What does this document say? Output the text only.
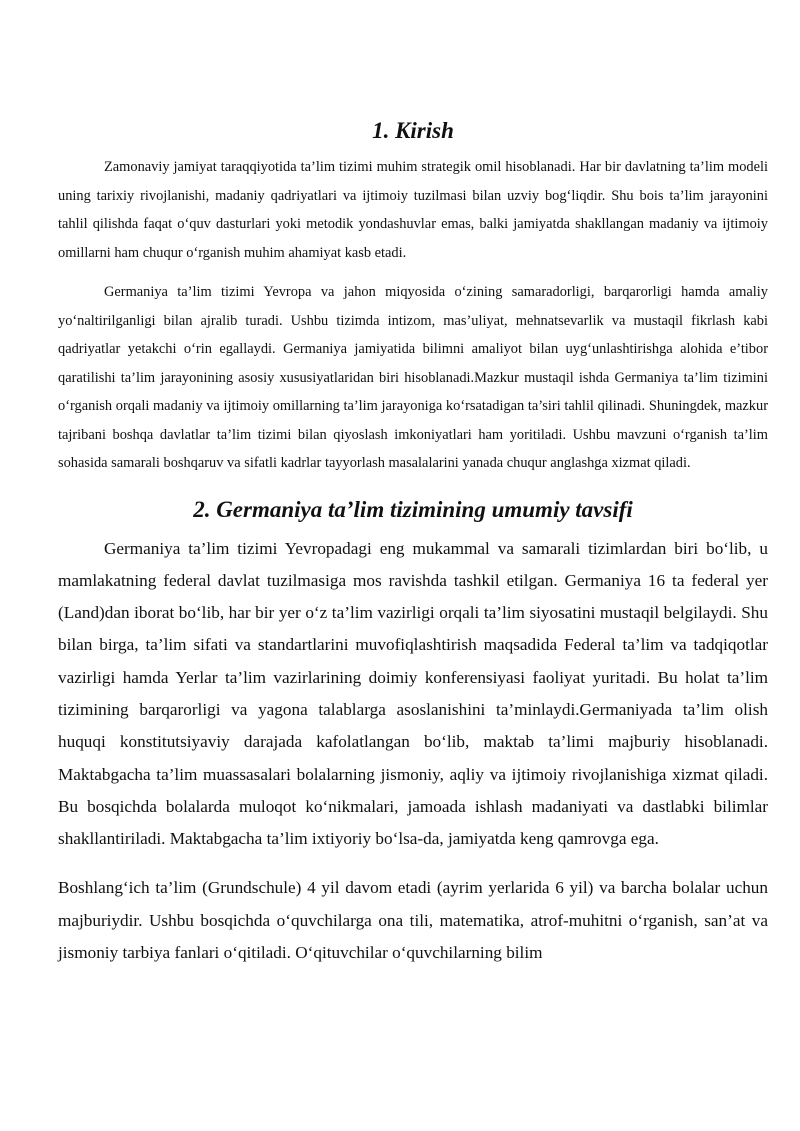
1. Kirish

Zamonaviy jamiyat taraqqiyotida ta’lim tizimi muhim strategik omil hisoblanadi. Har bir davlatning ta’lim modeli uning tarixiy rivojlanishi, madaniy qadriyatlari va ijtimoiy tuzilmasi bilan uzviy bog‘liqdir. Shu bois ta’lim jarayonini tahlil qilishda faqat o‘quv dasturlari yoki metodik yondashuvlar emas, balki jamiyatda shakllangan madaniy va ijtimoiy omillarni ham chuqur o‘rganish muhim ahamiyat kasb etadi.

Germaniya ta’lim tizimi Yevropa va jahon miqyosida o‘zining samaradorligi, barqarorligi hamda amaliy yo‘naltirilganligi bilan ajralib turadi. Ushbu tizimda intizom, mas’uliyat, mehnatsevarlik va mustaqil fikrlash kabi qadriyatlar yetakchi o‘rin egallaydi. Germaniya jamiyatida bilimni amaliyot bilan uyg‘unlashtirishga alohida e’tibor qaratilishi ta’lim jarayonining asosiy xususiyatlaridan biri hisoblanadi.Mazkur mustaqil ishda Germaniya ta’lim tizimini o‘rganish orqali madaniy va ijtimoiy omillarning ta’lim jarayoniga ko‘rsatadigan ta’siri tahlil qilinadi. Shuningdek, mazkur tajribani boshqa davlatlar ta’lim tizimi bilan qiyoslash imkoniyatlari ham yoritiladi. Ushbu mavzuni o‘rganish ta’lim sohasida samarali boshqaruv va sifatli kadrlar tayyorlash masalalarini yanada chuqur anglashga xizmat qiladi.

2. Germaniya ta’lim tizimining umumiy tavsifi

Germaniya ta’lim tizimi Yevropadagi eng mukammal va samarali tizimlardan biri bo‘lib, u mamlakatning federal davlat tuzilmasiga mos ravishda tashkil etilgan. Germaniya 16 ta federal yer (Land)dan iborat bo‘lib, har bir yer o‘z ta’lim vazirligi orqali ta’lim siyosatini mustaqil belgilaydi. Shu bilan birga, ta’lim sifati va standartlarini muvofiqlashtirish maqsadida Federal ta’lim va tadqiqotlar vazirligi hamda Yerlar ta’lim vazirlarining doimiy konferensiyasi faoliyat yuritadi. Bu holat ta’lim tizimining barqarorligi va yagona talablarga asoslanishini ta’minlaydi.Germaniyada ta’lim olish huquqi konstitutsiyaviy darajada kafolatlangan bo‘lib, maktab ta’limi majburiy hisoblanadi. Maktabgacha ta’lim muassasalari bolalarning jismoniy, aqliy va ijtimoiy rivojlanishiga xizmat qiladi. Bu bosqichda bolalarda muloqot ko‘nikmalari, jamoada ishlash madaniyati va dastlabki bilimlar shakllantiriladi. Maktabgacha ta’lim ixtiyoriy bo‘lsa-da, jamiyatda keng qamrovga ega.

Boshlang‘ich ta’lim (Grundschule) 4 yil davom etadi (ayrim yerlarida 6 yil) va barcha bolalar uchun majburiydir. Ushbu bosqichda o‘quvchilarga ona tili, matematika, atrof-muhitni o‘rganish, san’at va jismoniy tarbiya fanlari o‘qitiladi. O‘qituvchilar o‘quvchilarning bilim
